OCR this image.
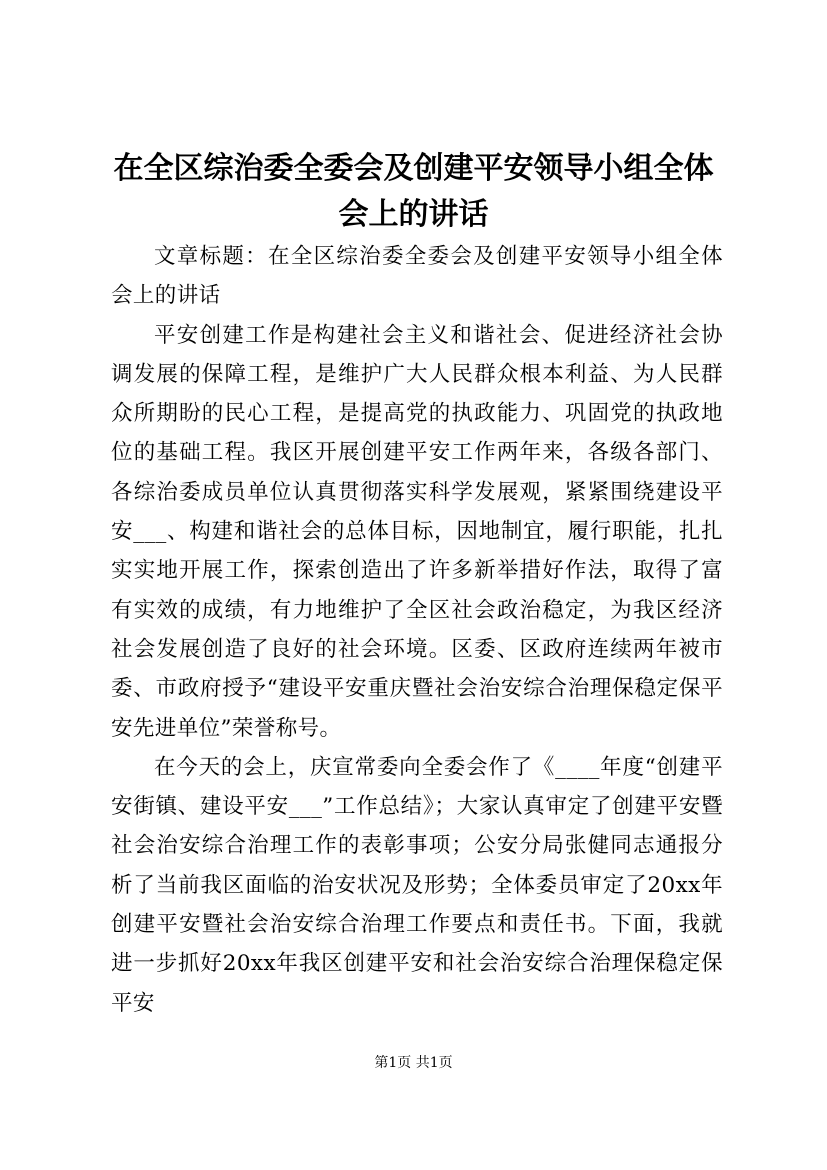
在全区综治委全委会及创建平安领导小组全体会上的讲话

文章标题：在全区综治委全委会及创建平安领导小组全体会上的讲话

平安创建工作是构建社会主义和谐社会、促进经济社会协调发展的保障工程，是维护广大人民群众根本利益、为人民群众所期盼的民心工程，是提高党的执政能力、巩固党的执政地位的基础工程。我区开展创建平安工作两年来，各级各部门、各综治委成员单位认真贯彻落实科学发展观，紧紧围绕建设平安___、构建和谐社会的总体目标，因地制宜，履行职能，扎扎实实地开展工作，探索创造出了许多新举措好作法，取得了富有实效的成绩，有力地维护了全区社会政治稳定，为我区经济社会发展创造了良好的社会环境。区委、区政府连续两年被市委、市政府授予“建设平安重庆暨社会治安综合治理保稳定保平安先进单位”荣誉称号。

在今天的会上，庆宣常委向全委会作了《____年度“创建平安街镇、建设平安___”工作总结》；大家认真审定了创建平安暨社会治安综合治理工作的表彰事项；公安分局张健同志通报分析了当前我区面临的治安状况及形势；全体委员审定了20xx年创建平安暨社会治安综合治理工作要点和责任书。下面，我就进一步抓好20xx年我区创建平安和社会治安综合治理保稳定保平安

第1页 共1页
